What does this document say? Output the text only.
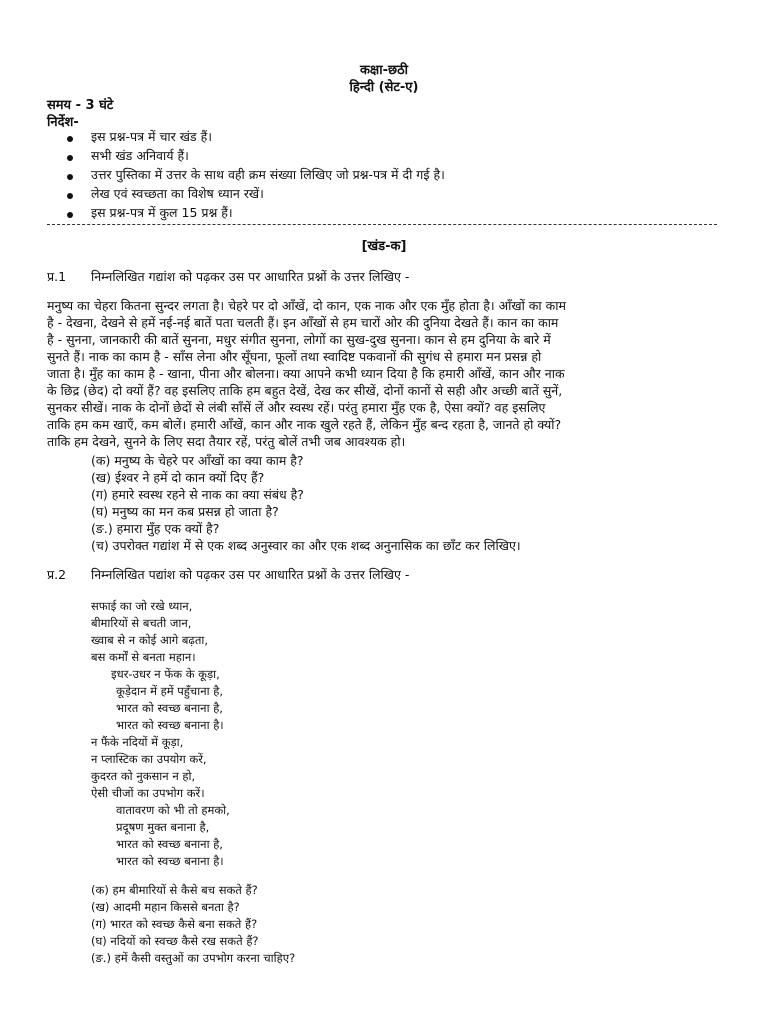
कक्षा-छठी
हिन्दी (सेट-ए)
समय - 3 घंटे
निर्देश-
इस प्रश्न-पत्र में चार खंड हैं।
सभी खंड अनिवार्य हैं।
उत्तर पुस्तिका में उत्तर के साथ वही क्रम संख्या लिखिए जो प्रश्न-पत्र में दी गई है।
लेख एवं स्वच्छता का विशेष ध्यान रखें।
इस प्रश्न-पत्र में कुल 15 प्रश्न हैं।
[खंड-क]
प्र.1 निम्नलिखित गद्यांश को पढ़कर उस पर आधारित प्रश्नों के उत्तर लिखिए -
मनुष्य का चेहरा कितना सुन्दर लगता है। चेहरे पर दो आँखें, दो कान, एक नाक और एक मुँह होता है। आँखों का काम
है - देखना, देखने से हमें नई-नई बातें पता चलती हैं। इन आँखों से हम चारों ओर की दुनिया देखते हैं। कान का काम
है - सुनना, जानकारी की बातें सुनना, मधुर संगीत सुनना, लोगों का सुख-दुख सुनना। कान से हम दुनिया के बारे में
सुनते हैं। नाक का काम है - साँस लेना और सूँघना, फूलों तथा स्वादिष्ट पकवानों की सुगंध से हमारा मन प्रसन्न हो
जाता है। मुँह का काम है - खाना, पीना और बोलना। क्या आपने कभी ध्यान दिया है कि हमारी आँखें, कान और नाक
के छिद्र (छेद) दो क्यों हैं? वह इसलिए ताकि हम बहुत देखें, देख कर सीखें, दोनों कानों से सही और अच्छी बातें सुनें,
सुनकर सीखें। नाक के दोनों छेदों से लंबी साँसें लें और स्वस्थ रहें। परंतु हमारा मुँह एक है, ऐसा क्यों? वह इसलिए
ताकि हम कम खाएँ, कम बोलें। हमारी आँखें, कान और नाक खुले रहते हैं, लेकिन मुँह बन्द रहता है, जानते हो क्यों?
ताकि हम देखने, सुनने के लिए सदा तैयार रहें, परंतु बोलें तभी जब आवश्यक हो।
(क) मनुष्य के चेहरे पर आँखों का क्या काम है?
(ख) ईश्वर ने हमें दो कान क्यों दिए हैं?
(ग) हमारे स्वस्थ रहने से नाक का क्या संबंध है?
(घ) मनुष्य का मन कब प्रसन्न हो जाता है?
(ङ.) हमारा मुँह एक क्यों है?
(च) उपरोक्त गद्यांश में से एक शब्द अनुस्वार का और एक शब्द अनुनासिक का छाँट कर लिखिए।
प्र.2 निम्नलिखित पद्यांश को पढ़कर उस पर आधारित प्रश्नों के उत्तर लिखिए -
सफाई का जो रखे ध्यान,
बीमारियों से बचती जान,
ख्वाब से न कोई आगे बढ़ता,
बस कर्मों से बनता महान।
इधर-उधर न फेंक के कूड़ा,
कूड़ेदान में हमें पहुँचाना है,
भारत को स्वच्छ बनाना है,
भारत को स्वच्छ बनाना है।
न फैंके नदियों में कूड़ा,
न प्लास्टिक का उपयोग करें,
कुदरत को नुकसान न हो,
ऐसी चीजों का उपभोग करें।
वातावरण को भी तो हमको,
प्रदूषण मुक्त बनाना है,
भारत को स्वच्छ बनाना है,
भारत को स्वच्छ बनाना है।
(क) हम बीमारियों से कैसे बच सकते हैं?
(ख) आदमी महान किससे बनता है?
(ग) भारत को स्वच्छ कैसे बना सकते हैं?
(घ) नदियों को स्वच्छ कैसे रख सकते हैं?
(ङ.) हमें कैसी वस्तुओं का उपभोग करना चाहिए?
